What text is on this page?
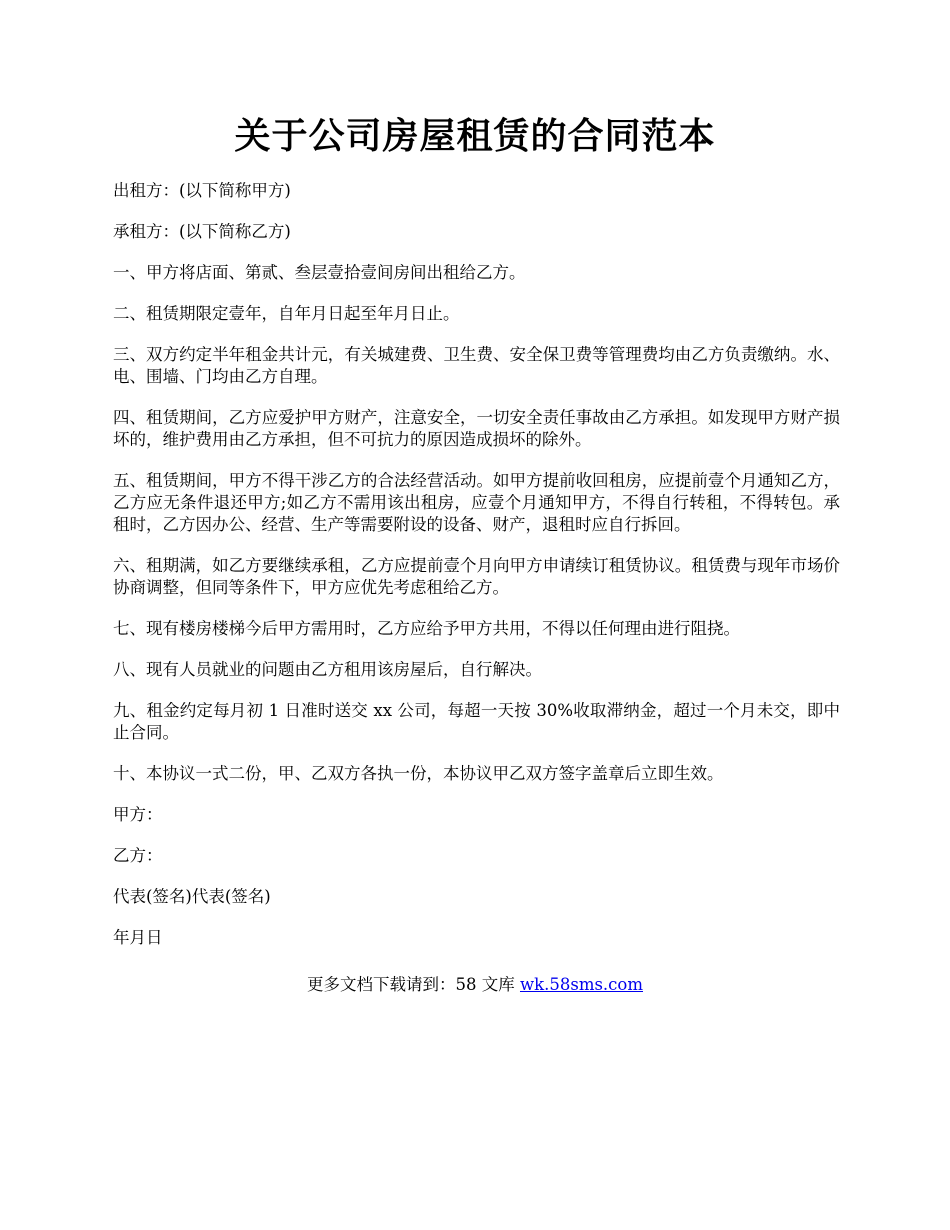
关于公司房屋租赁的合同范本

出租方：(以下简称甲方)

承租方：(以下简称乙方)

一、甲方将店面、第贰、叁层壹拾壹间房间出租给乙方。

二、租赁期限定壹年，自年月日起至年月日止。

三、双方约定半年租金共计元，有关城建费、卫生费、安全保卫费等管理费均由乙方负责缴纳。水、电、围墙、门均由乙方自理。

四、租赁期间，乙方应爱护甲方财产，注意安全，一切安全责任事故由乙方承担。如发现甲方财产损坏的，维护费用由乙方承担，但不可抗力的原因造成损坏的除外。

五、租赁期间，甲方不得干涉乙方的合法经营活动。如甲方提前收回租房，应提前壹个月通知乙方，乙方应无条件退还甲方;如乙方不需用该出租房，应壹个月通知甲方，不得自行转租，不得转包。承租时，乙方因办公、经营、生产等需要附设的设备、财产，退租时应自行拆回。

六、租期满，如乙方要继续承租，乙方应提前壹个月向甲方申请续订租赁协议。租赁费与现年市场价协商调整，但同等条件下，甲方应优先考虑租给乙方。

七、现有楼房楼梯今后甲方需用时，乙方应给予甲方共用，不得以任何理由进行阻挠。

八、现有人员就业的问题由乙方租用该房屋后，自行解决。

九、租金约定每月初 1 日准时送交 xx 公司，每超一天按 30%收取滞纳金，超过一个月未交，即中止合同。

十、本协议一式二份，甲、乙双方各执一份，本协议甲乙双方签字盖章后立即生效。

甲方：

乙方：

代表(签名)代表(签名)

年月日

更多文档下载请到：58 文库 wk.58sms.com
